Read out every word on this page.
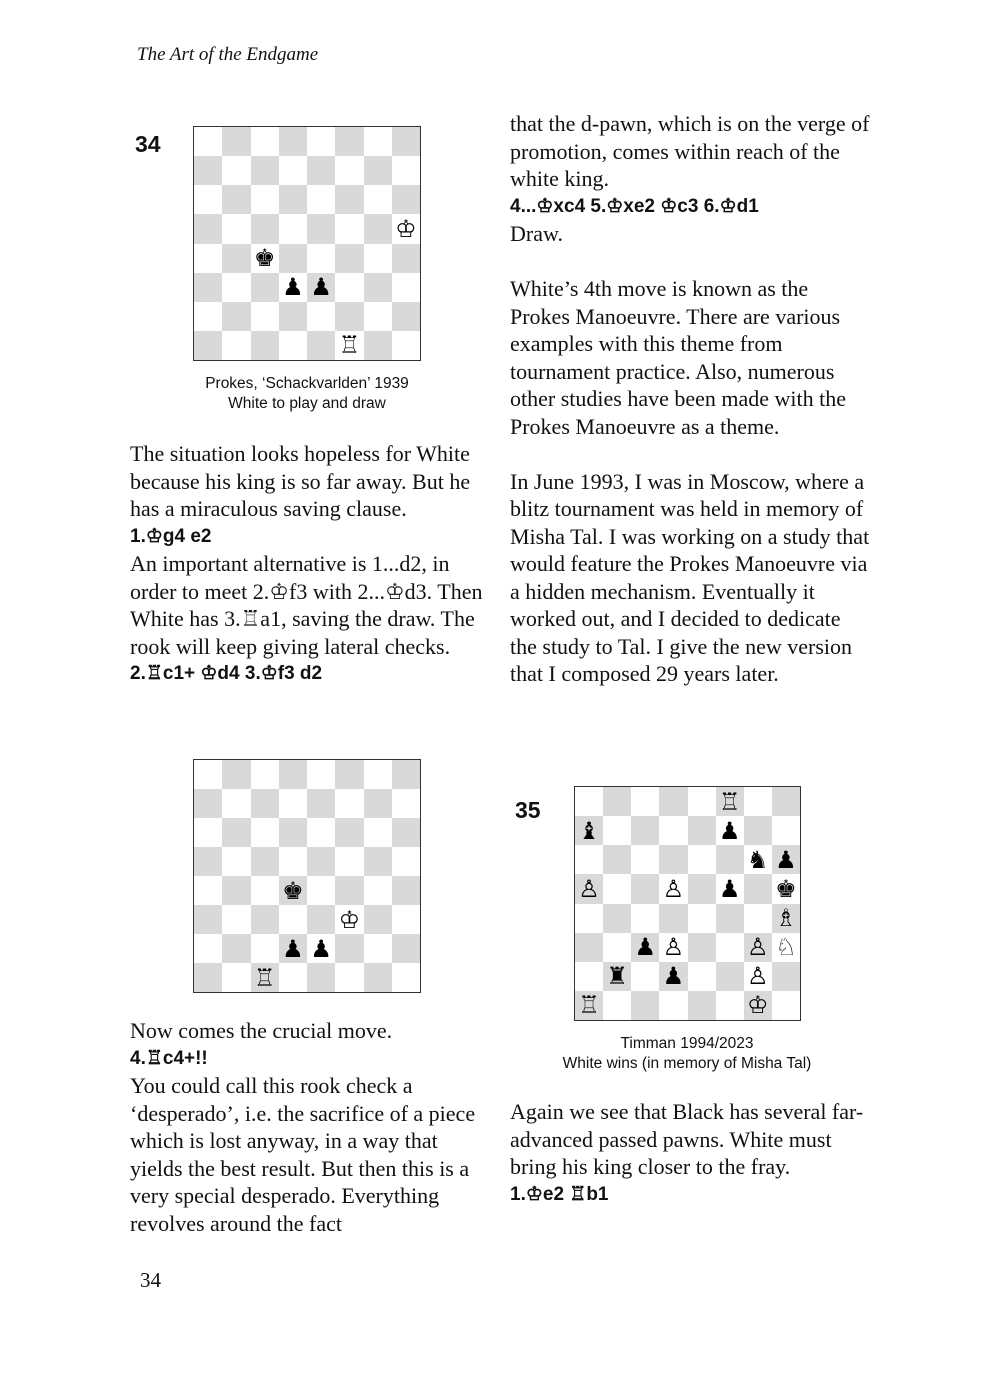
The Art of the Endgame
34
♔
♚
♟ ♟
♖
Prokes, ‘Schackvarlden’ 1939
White to play and draw

The situation looks hopeless for White because his king is so far away. But he has a miraculous saving clause.

1.♔g4 e2

An important alternative is 1...d2, in order to meet 2.♔f3 with 2...♔d3. Then White has 3.♖a1, saving the draw. The rook will keep giving lateral checks.

2.♖c1+ ♔d4 3.♔f3 d2

♚
♔
♟ ♟
♖

Now comes the crucial move.

4.♖c4+!!

You could call this rook check a ‘desperado’, i.e. the sacrifice of a piece which is lost anyway, in a way that yields the best result. But then this is a very special desperado. Everything revolves around the fact

that the d-pawn, which is on the verge of promotion, comes within reach of the white king.

4...♔xc4 5.♔xe2 ♔c3 6.♔d1

Draw.

White’s 4th move is known as the Prokes Manoeuvre. There are various examples with this theme from tournament practice. Also, numerous other studies have been made with the Prokes Manoeuvre as a theme.

In June 1993, I was in Moscow, where a blitz tournament was held in memory of Misha Tal. I was working on a study that would feature the Prokes Manoeuvre via a hidden mechanism. Eventually it worked out, and I decided to dedicate the study to Tal. I give the new version that I composed 29 years later.

35	♖
♝	♟
♞ ♟
♙	♙ ♟ ♚
♗
♟ ♙	♙ ♘
♜ ♟	♙
♖	♔
Timman 1994/2023
White wins (in memory of Misha Tal)

Again we see that Black has several far-advanced passed pawns. White must bring his king closer to the fray.

1.♔e2 ♖b1

34
